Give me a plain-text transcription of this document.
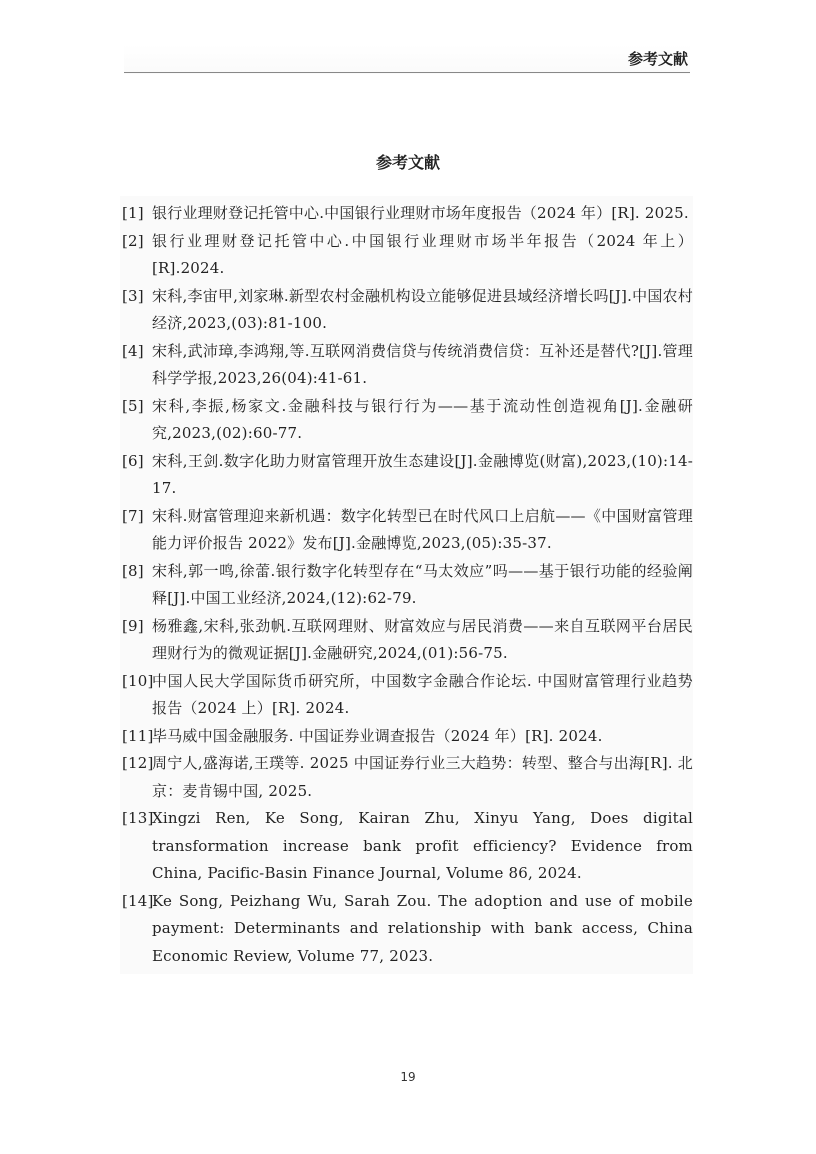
参考文献
参考文献
[1] 银行业理财登记托管中心.中国银行业理财市场年度报告（2024 年）[R]. 2025.
[2] 银行业理财登记托管中心.中国银行业理财市场半年报告（2024 年上）[R].2024.
[3] 宋科,李宙甲,刘家琳.新型农村金融机构设立能够促进县域经济增长吗[J].中国农村经济,2023,(03):81-100.
[4] 宋科,武沛璋,李鸿翔,等.互联网消费信贷与传统消费信贷：互补还是替代?[J].管理科学学报,2023,26(04):41-61.
[5] 宋科,李振,杨家文.金融科技与银行行为——基于流动性创造视角[J].金融研究,2023,(02):60-77.
[6] 宋科,王剑.数字化助力财富管理开放生态建设[J].金融博览(财富),2023,(10):14-17.
[7] 宋科.财富管理迎来新机遇：数字化转型已在时代风口上启航——《中国财富管理能力评价报告 2022》发布[J].金融博览,2023,(05):35-37.
[8] 宋科,郭一鸣,徐蕾.银行数字化转型存在“马太效应”吗——基于银行功能的经验阐释[J].中国工业经济,2024,(12):62-79.
[9] 杨雅鑫,宋科,张劲帆.互联网理财、财富效应与居民消费——来自互联网平台居民理财行为的微观证据[J].金融研究,2024,(01):56-75.
[10]
中国人民大学国际货币研究所，中国数字金融合作论坛. 中国财富管理行业趋势报告（2024 上）[R]. 2024.
[11]
毕马威中国金融服务. 中国证券业调查报告（2024 年）[R]. 2024.
[12]
周宁人,盛海诺,王璞等. 2025 中国证券行业三大趋势：转型、整合与出海[R]. 北京：麦肯锡中国, 2025.
[13]
Xingzi Ren, Ke Song, Kairan Zhu, Xinyu Yang, Does digital transformation increase bank profit efficiency? Evidence from China, Pacific-Basin Finance Journal, Volume 86, 2024.
[14]
Ke Song, Peizhang Wu, Sarah Zou. The adoption and use of mobile payment: Determinants and relationship with bank access, China Economic Review, Volume 77, 2023.
19
